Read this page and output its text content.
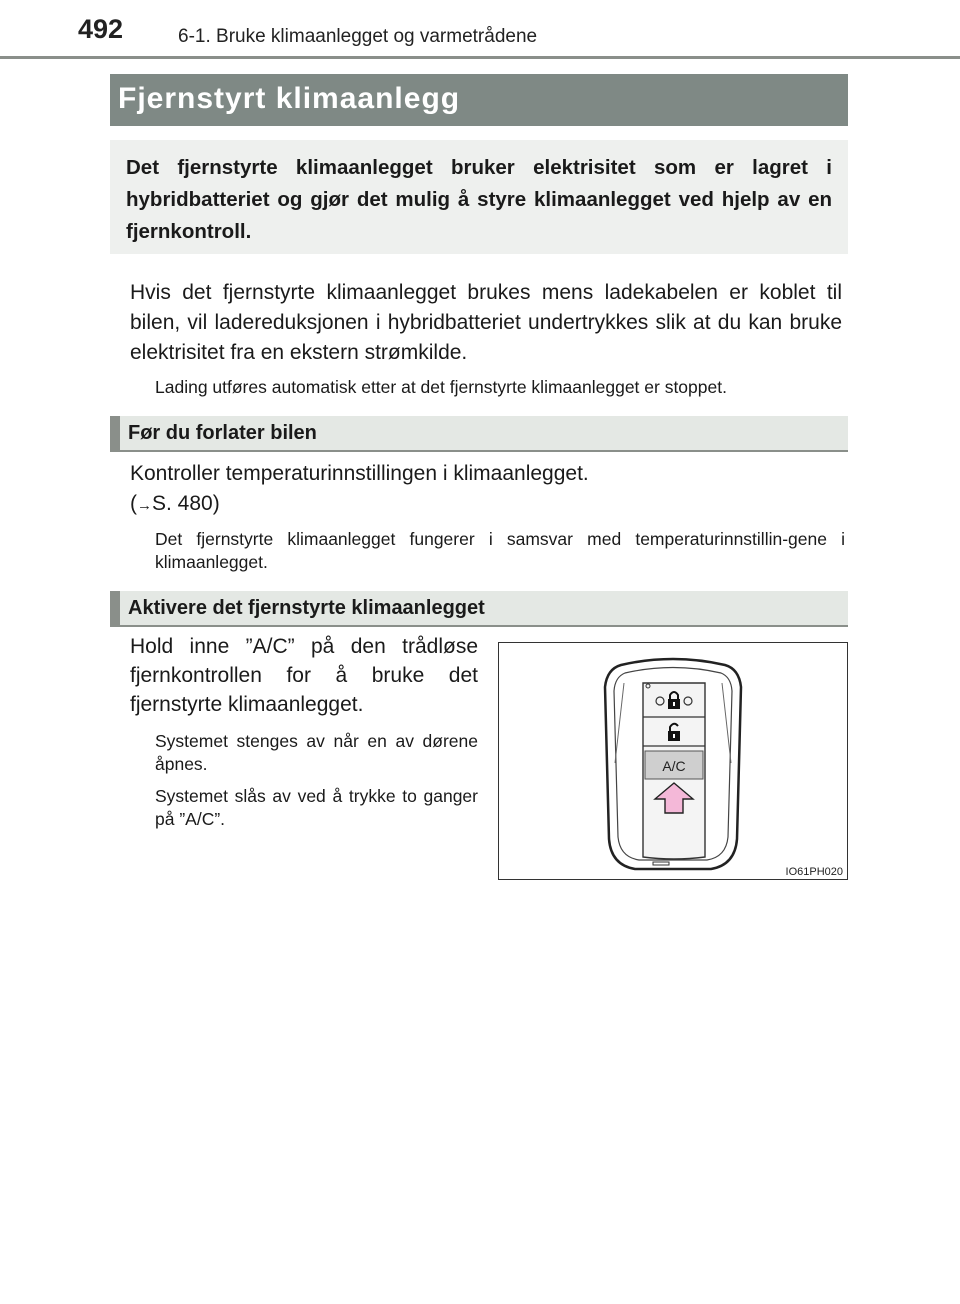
492	6-1. Bruke klimaanlegget og varmetrådene
Fjernstyrt klimaanlegg
Det fjernstyrte klimaanlegget bruker elektrisitet som er lagret i hybridbatteriet og gjør det mulig å styre klimaanlegget ved hjelp av en fjernkontroll.
Hvis det fjernstyrte klimaanlegget brukes mens ladekabelen er koblet til bilen, vil ladereduksjonen i hybridbatteriet undertrykkes slik at du kan bruke elektrisitet fra en ekstern strømkilde.
Lading utføres automatisk etter at det fjernstyrte klimaanlegget er stoppet.
Før du forlater bilen
Kontroller temperaturinnstillingen i klimaanlegget.
(→S. 480)
Det fjernstyrte klimaanlegget fungerer i samsvar med temperaturinnstillin-gene i klimaanlegget.
Aktivere det fjernstyrte klimaanlegget
Hold inne ”A/C” på den trådløse fjernkontrollen for å bruke det fjernstyrte klimaanlegget.
Systemet stenges av når en av dørene åpnes.
Systemet slås av ved å trykke to ganger på ”A/C”.
A/C
IO61PH020
